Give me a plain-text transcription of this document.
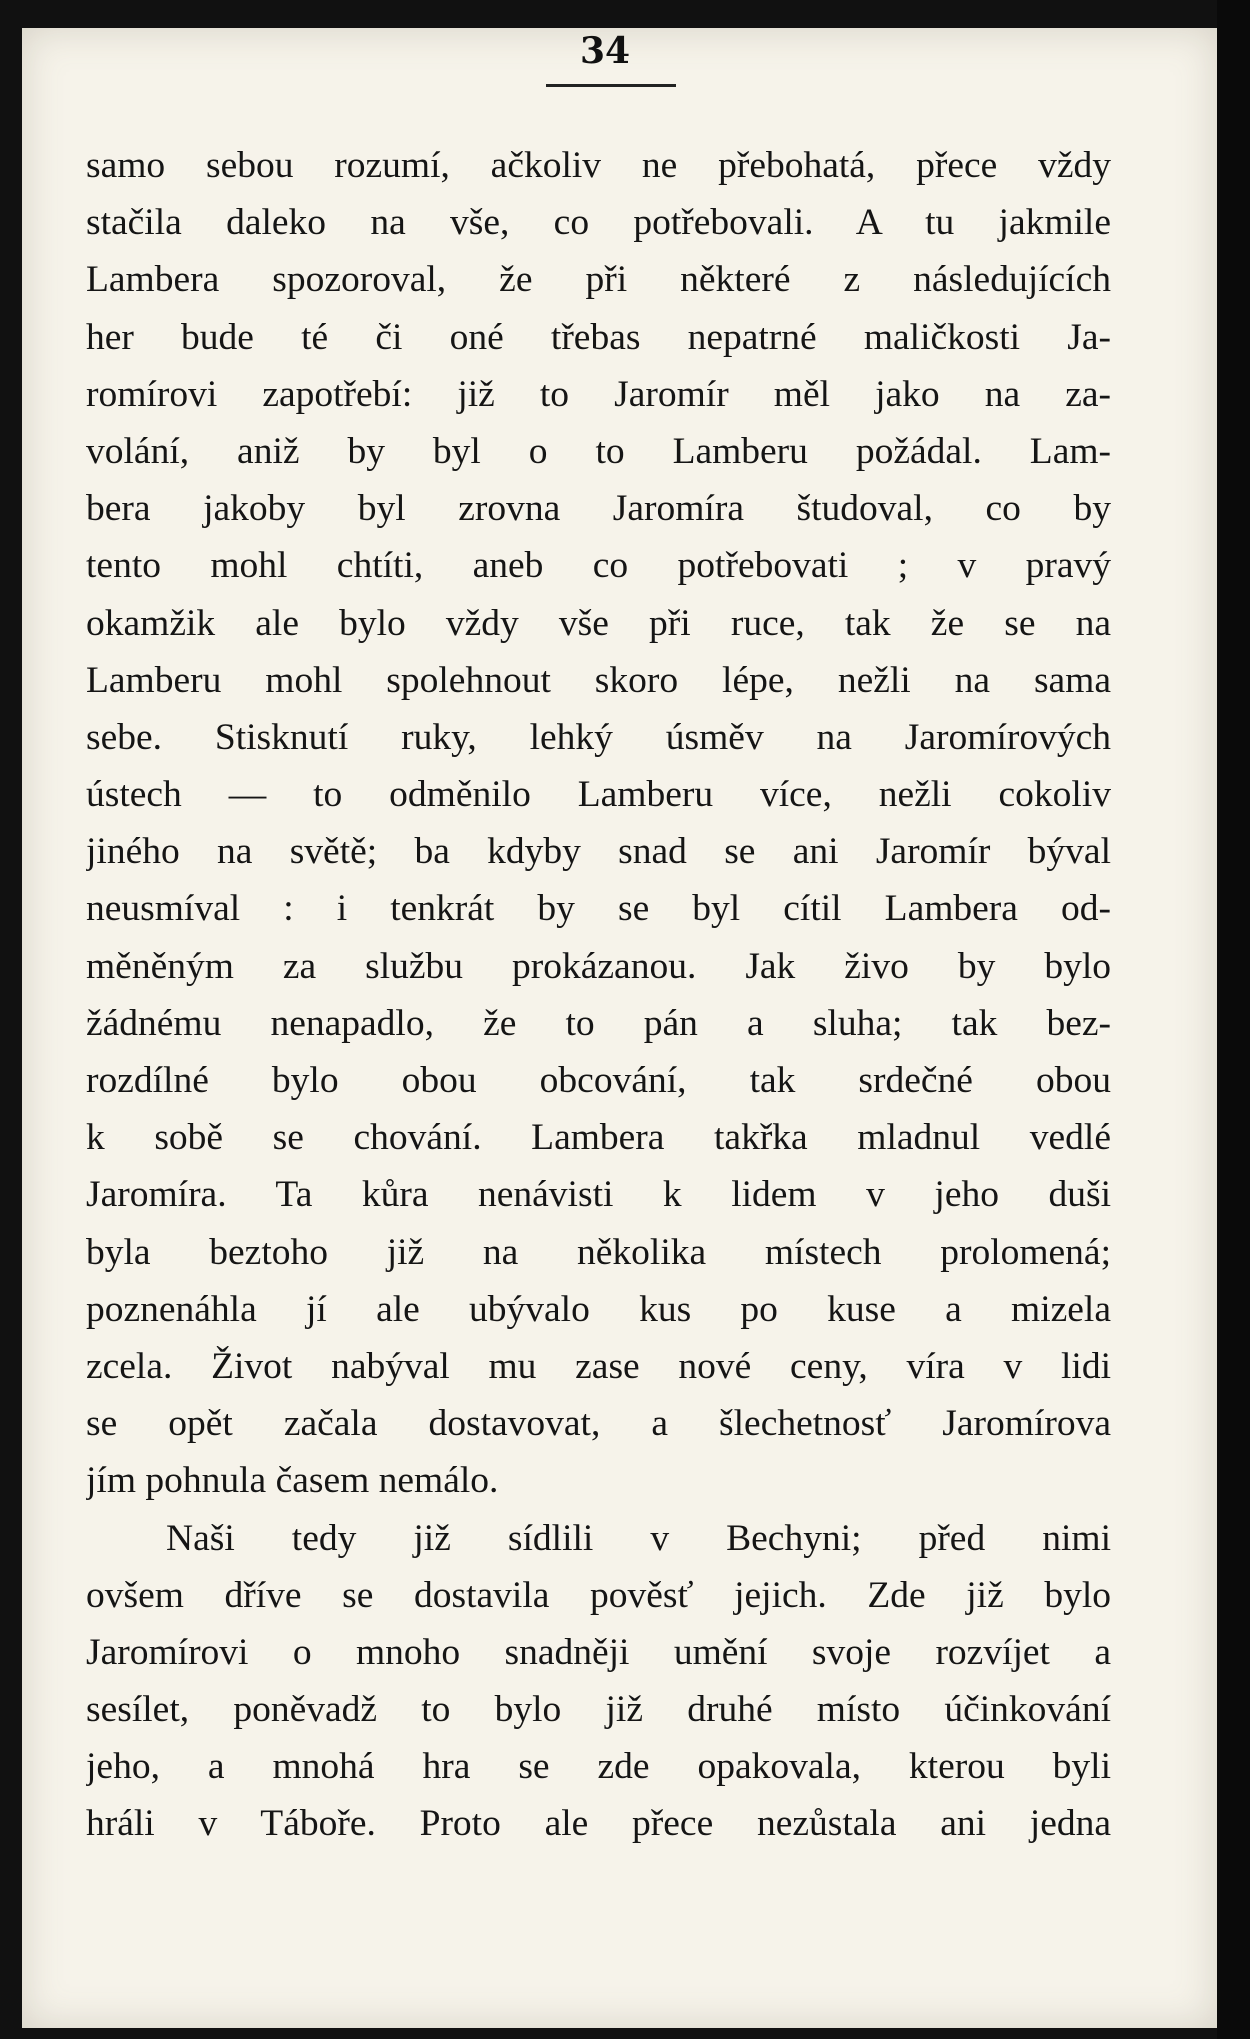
34
samo sebou rozumí, ačkoliv ne přebohatá, přece vždy
stačila daleko na vše, co potřebovali. A tu jakmile
Lambera spozoroval, že při některé z následujících
her bude té či oné třebas nepatrné maličkosti Ja-
romírovi zapotřebí: již to Jaromír měl jako na za-
volání, aniž by byl o to Lamberu požádal. Lam-
bera jakoby byl zrovna Jaromíra študoval, co by
tento mohl chtíti, aneb co potřebovati ; v pravý
okamžik ale bylo vždy vše při ruce, tak že se na
Lamberu mohl spolehnout skoro lépe, nežli na sama
sebe. Stisknutí ruky, lehký úsměv na Jaromírových
ústech — to odměnilo Lamberu více, nežli cokoliv
jiného na světě; ba kdyby snad se ani Jaromír býval
neusmíval : i tenkrát by se byl cítil Lambera od-
měněným za službu prokázanou. Jak živo by bylo
žádnému nenapadlo, že to pán a sluha; tak bez-
rozdílné bylo obou obcování, tak srdečné obou
k sobě se chování. Lambera takřka mladnul vedlé
Jaromíra. Ta kůra nenávisti k lidem v jeho duši
byla beztoho již na několika místech prolomená;
poznenáhla jí ale ubývalo kus po kuse a mizela
zcela. Život nabýval mu zase nové ceny, víra v lidi
se opět začala dostavovat, a šlechetnosť Jaromírova
jím pohnula časem nemálo.
Naši tedy již sídlili v Bechyni; před nimi
ovšem dříve se dostavila pověsť jejich. Zde již bylo
Jaromírovi o mnoho snadněji umění svoje rozvíjet a
sesílet, poněvadž to bylo již druhé místo účinkování
jeho, a mnohá hra se zde opakovala, kterou byli
hráli v Táboře. Proto ale přece nezůstala ani jedna
